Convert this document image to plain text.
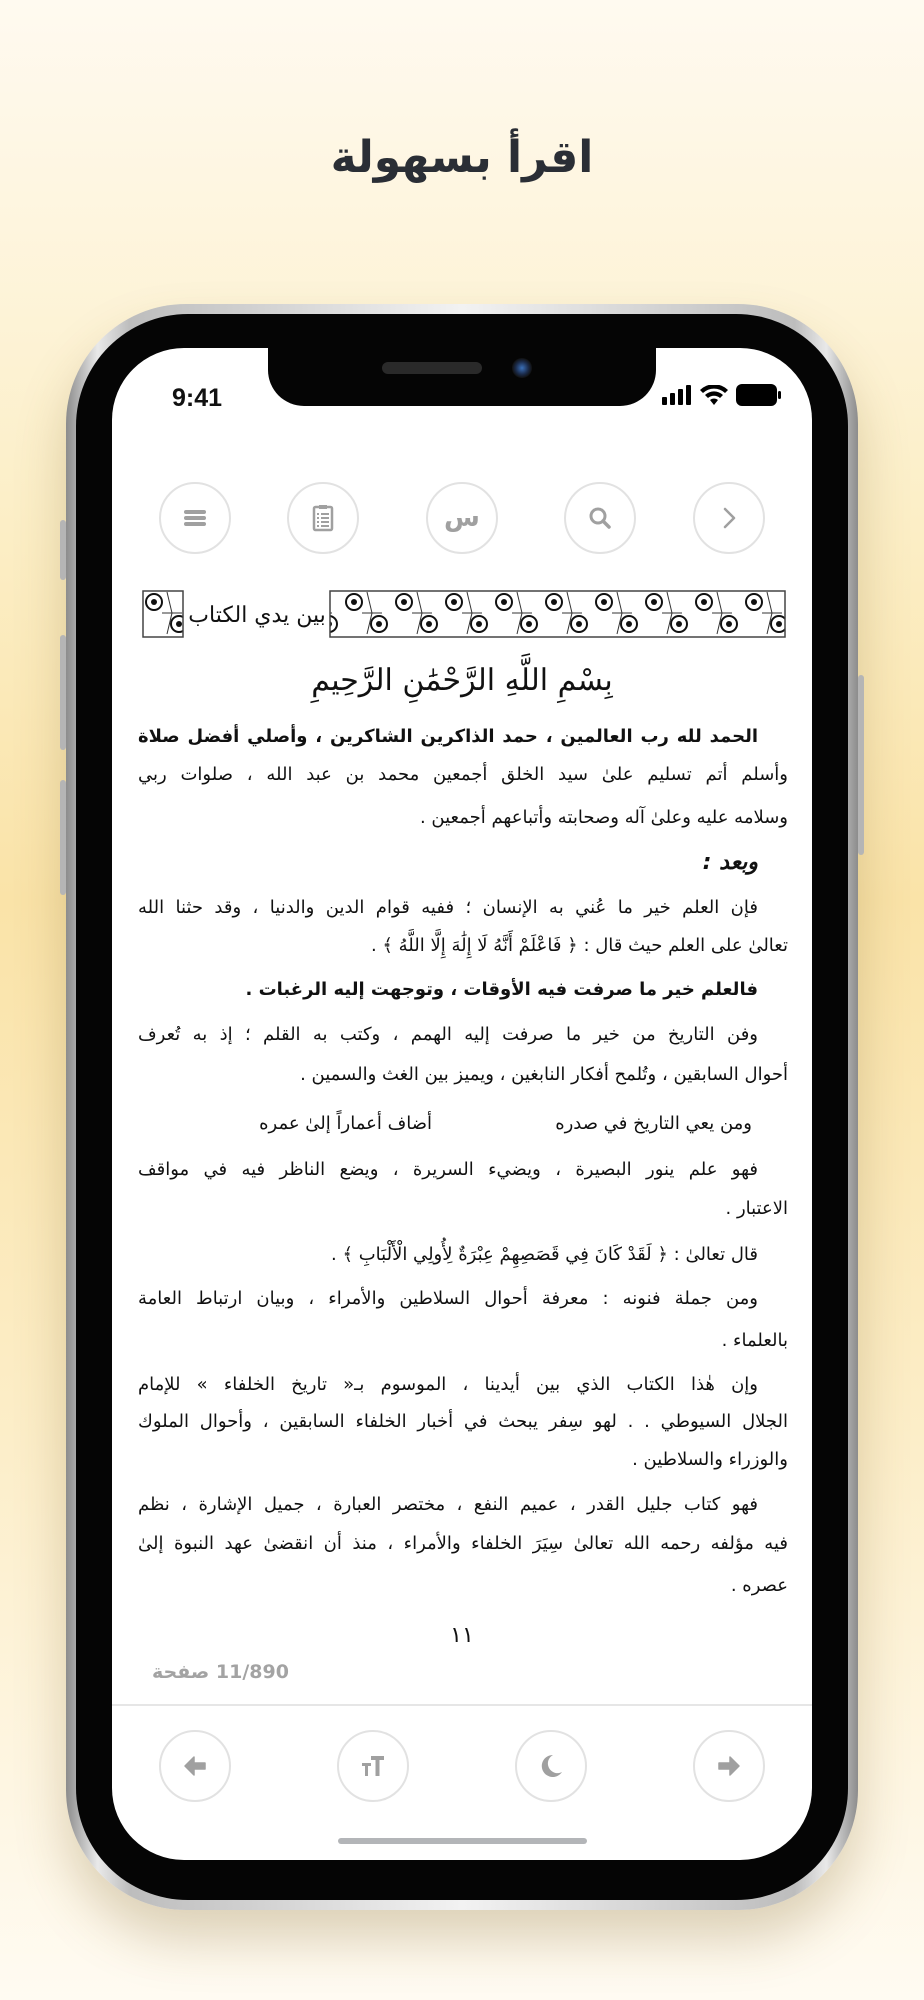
اقرأ بسهولة
9:41
س
بين يدي الكتاب
بِسْمِ اللَّهِ الرَّحْمَٰنِ الرَّحِيمِ
الحمد لله رب العالمين ، حمد الذاكرين الشاكرين ، وأصلي أفضل صلاة
وأسلم أتم تسليم علىٰ سيد الخلق أجمعين محمد بن عبد الله ، صلوات ربي
وسلامه عليه وعلىٰ آله وصحابته وأتباعهم أجمعين .
وبعد :
فإن العلم خير ما عُني به الإنسان ؛ ففيه قوام الدين والدنيا ، وقد حثنا الله
تعالىٰ على العلم حيث قال : ﴿ فَاعْلَمْ أَنَّهُ لَا إِلَٰهَ إِلَّا اللَّهُ ﴾ .
فالعلم خير ما صرفت فيه الأوقات ، وتوجهت إليه الرغبات .
وفن التاريخ من خير ما صرفت إليه الهمم ، وكتب به القلم ؛ إذ به تُعرف
أحوال السابقين ، وتُلمح أفكار النابغين ، ويميز بين الغث والسمين .
أضاف أعماراً إلىٰ عمره	ومن يعي التاريخ في صدره
فهو علم ينور البصيرة ، ويضيء السريرة ، ويضع الناظر فيه في مواقف
الاعتبار .
قال تعالىٰ : ﴿ لَقَدْ كَانَ فِي قَصَصِهِمْ عِبْرَةٌ لِأُولِي الْأَلْبَابِ ﴾ .
ومن جملة فنونه : معرفة أحوال السلاطين والأمراء ، وبيان ارتباط العامة
بالعلماء .
وإن هٰذا الكتاب الذي بين أيدينا ، الموسوم بـ« تاريخ الخلفاء » للإمام
الجلال السيوطي . . لهو سِفر يبحث في أخبار الخلفاء السابقين ، وأحوال الملوك
والوزراء والسلاطين .
فهو كتاب جليل القدر ، عميم النفع ، مختصر العبارة ، جميل الإشارة ، نظم
فيه مؤلفه رحمه الله تعالىٰ سِيَرَ الخلفاء والأمراء ، منذ أن انقضىٰ عهد النبوة إلىٰ
عصره .
١١
11/890 صفحة
